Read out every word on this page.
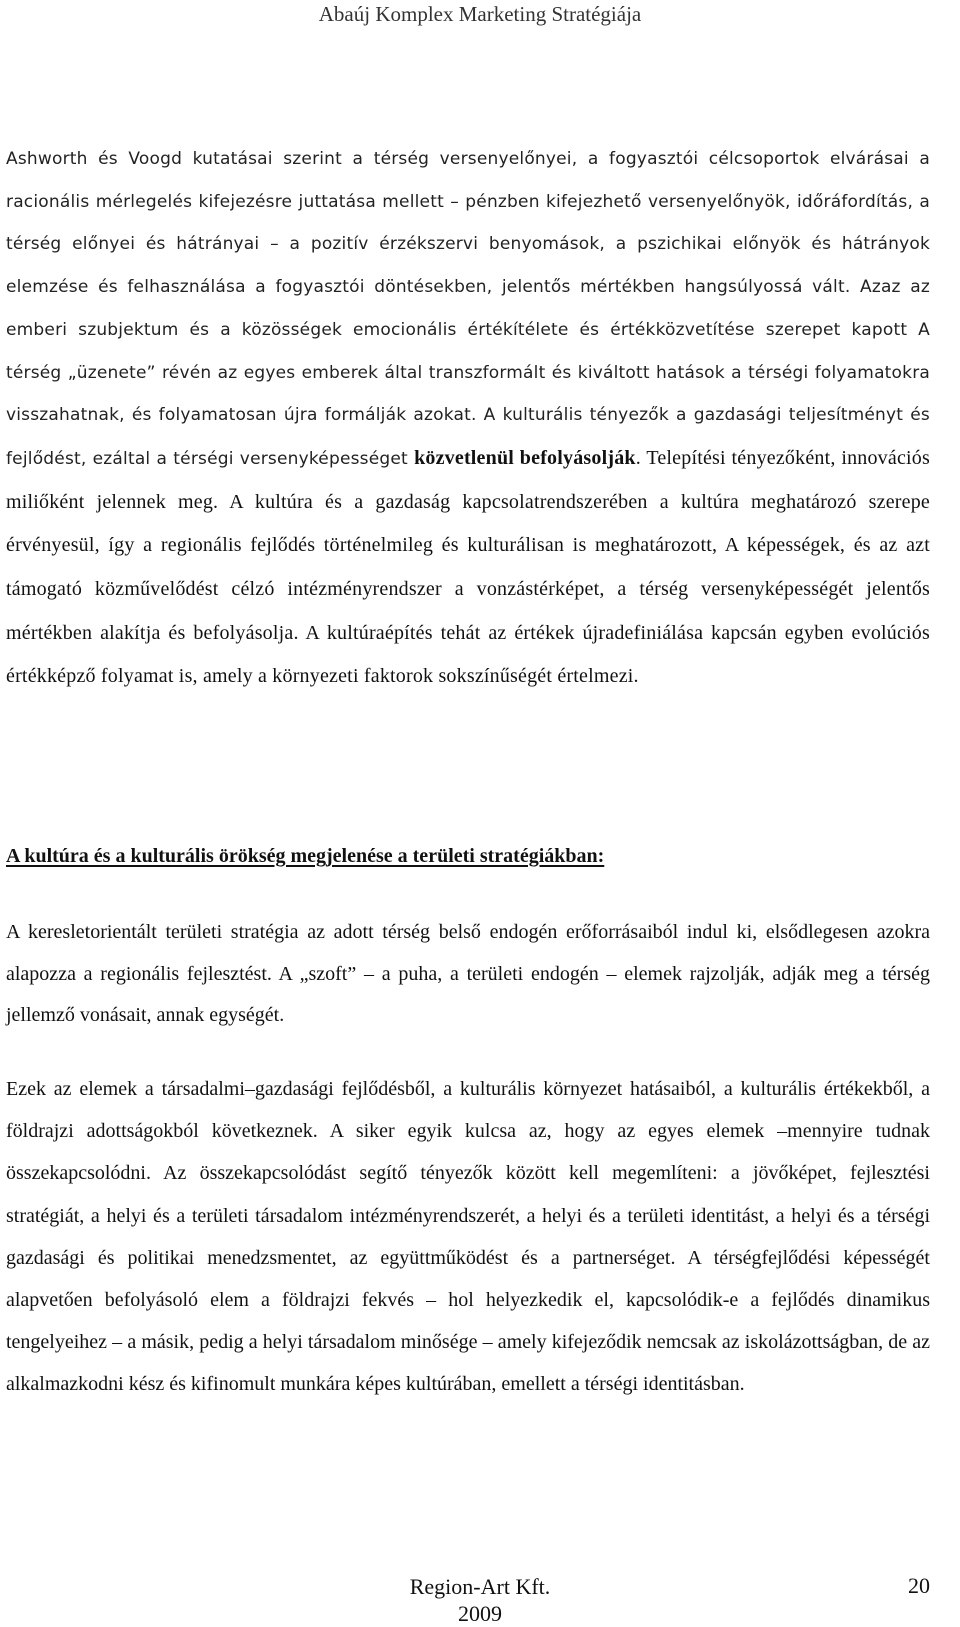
Abaúj Komplex Marketing Stratégiája

Ashworth és Voogd kutatásai szerint a térség versenyelőnyei, a fogyasztói célcsoportok elvárásai a racionális mérlegelés kifejezésre juttatása mellett – pénzben kifejezhető versenyelőnyök, időráfordítás, a térség előnyei és hátrányai – a pozitív érzékszervi benyomások, a pszichikai előnyök és hátrányok elemzése és felhasználása a fogyasztói döntésekben, jelentős mértékben hangsúlyossá vált. Azaz az emberi szubjektum és a közösségek emocionális értékítélete és értékközvetítése szerepet kapott A térség „üzenete” révén az egyes emberek által transzformált és kiváltott hatások a térségi folyamatokra visszahatnak, és folyamatosan újra formálják azokat. A kulturális tényezők a gazdasági teljesítményt és fejlődést, ezáltal a térségi versenyképességet közvetlenül befolyásolják. Telepítési tényezőként, innovációs miliőként jelennek meg. A kultúra és a gazdaság kapcsolatrendszerében a kultúra meghatározó szerepe érvényesül, így a regionális fejlődés történelmileg és kulturálisan is meghatározott, A képességek, és az azt támogató közművelődést célzó intézményrendszer a vonzástérképet, a térség versenyképességét jelentős mértékben alakítja és befolyásolja. A kultúraépítés tehát az értékek újradefiniálása kapcsán egyben evolúciós értékképző folyamat is, amely a környezeti faktorok sokszínűségét értelmezi.

A kultúra és a kulturális örökség megjelenése a területi stratégiákban:

A keresletorientált területi stratégia az adott térség belső endogén erőforrásaiból indul ki, elsődlegesen azokra alapozza a regionális fejlesztést. A „szoft” – a puha, a területi endogén – elemek rajzolják, adják meg a térség jellemző vonásait, annak egységét.

Ezek az elemek a társadalmi–gazdasági fejlődésből, a kulturális környezet hatásaiból, a kulturális értékekből, a földrajzi adottságokból következnek. A siker egyik kulcsa az, hogy az egyes elemek –mennyire tudnak összekapcsolódni. Az összekapcsolódást segítő tényezők között kell megemlíteni: a jövőképet, fejlesztési stratégiát, a helyi és a területi társadalom intézményrendszerét, a helyi és a területi identitást, a helyi és a térségi gazdasági és politikai menedzsmentet, az együttműködést és a partnerséget. A térségfejlődési képességét alapvetően befolyásoló elem a földrajzi fekvés – hol helyezkedik el, kapcsolódik-e a fejlődés dinamikus tengelyeihez – a másik, pedig a helyi társadalom minősége – amely kifejeződik nemcsak az iskolázottságban, de az alkalmazkodni kész és kifinomult munkára képes kultúrában, emellett a térségi identitásban.

Region-Art Kft.
2009
20
